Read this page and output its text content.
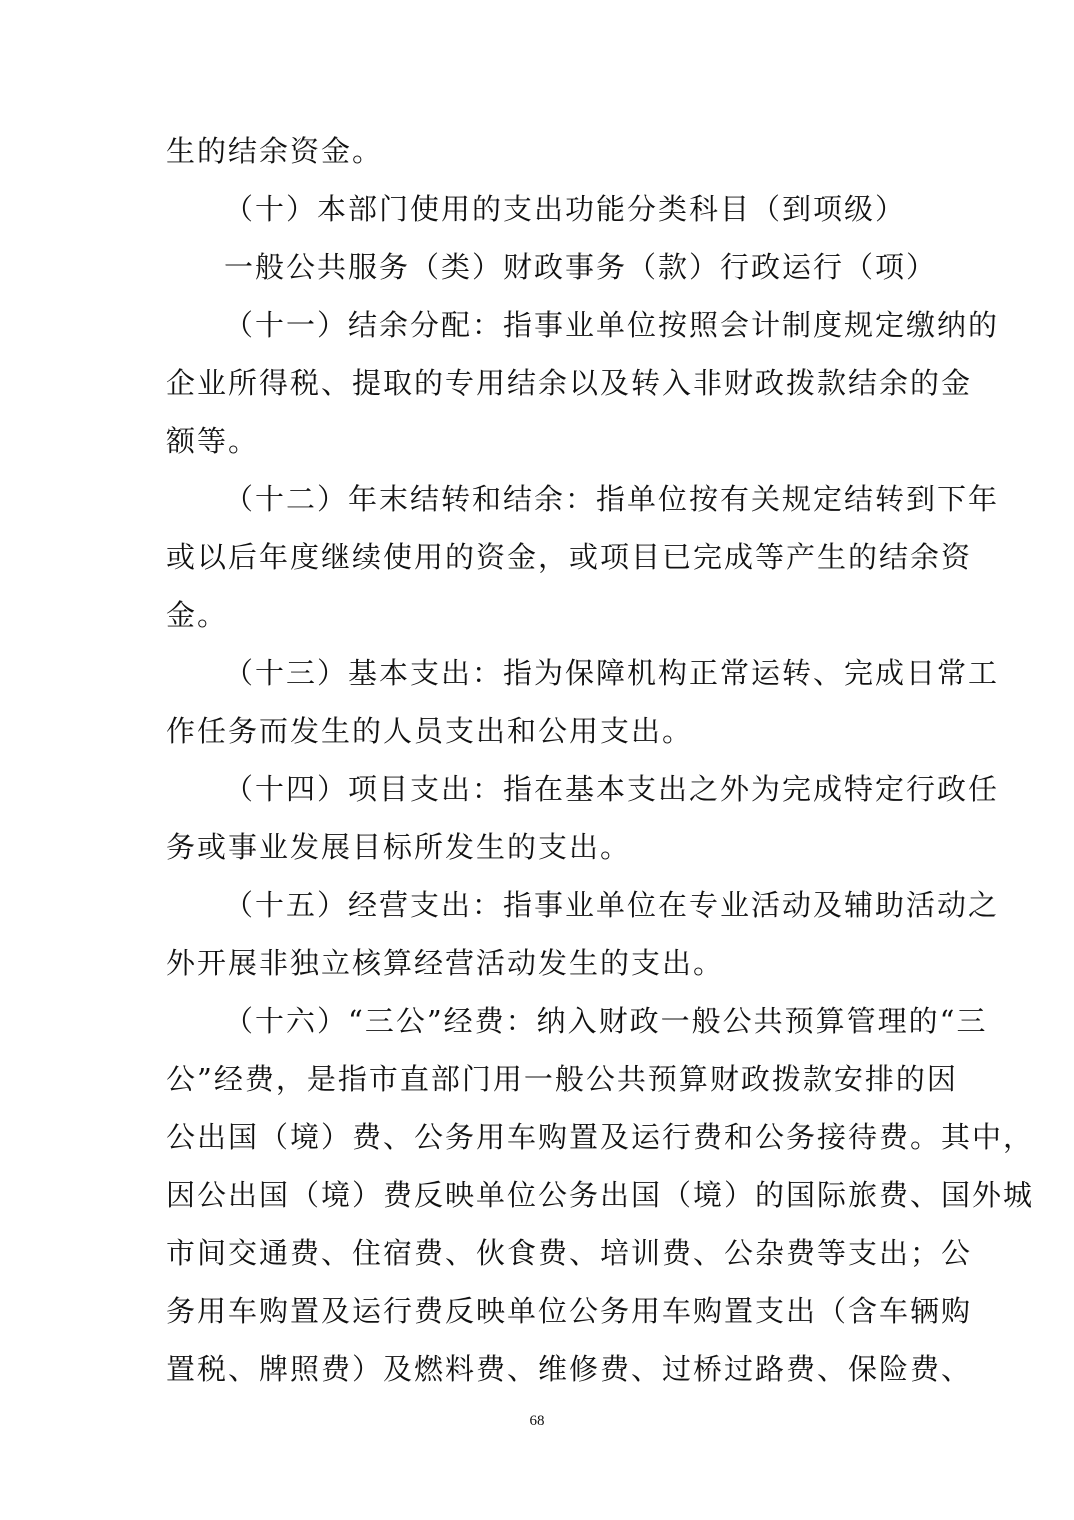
生的结余资金。
（十）本部门使用的支出功能分类科目（到项级）
一般公共服务（类）财政事务（款）行政运行（项）
（十一）结余分配：指事业单位按照会计制度规定缴纳的
企业所得税、提取的专用结余以及转入非财政拨款结余的金
额等。
（十二）年末结转和结余：指单位按有关规定结转到下年
或以后年度继续使用的资金，或项目已完成等产生的结余资
金。
（十三）基本支出：指为保障机构正常运转、完成日常工
作任务而发生的人员支出和公用支出。
（十四）项目支出：指在基本支出之外为完成特定行政任
务或事业发展目标所发生的支出。
（十五）经营支出：指事业单位在专业活动及辅助活动之
外开展非独立核算经营活动发生的支出。
（十六）“三公”经费：纳入财政一般公共预算管理的“三
公”经费，是指市直部门用一般公共预算财政拨款安排的因
公出国（境）费、公务用车购置及运行费和公务接待费。其中，
因公出国（境）费反映单位公务出国（境）的国际旅费、国外城
市间交通费、住宿费、伙食费、培训费、公杂费等支出；公
务用车购置及运行费反映单位公务用车购置支出（含车辆购
置税、牌照费）及燃料费、维修费、过桥过路费、保险费、
68
